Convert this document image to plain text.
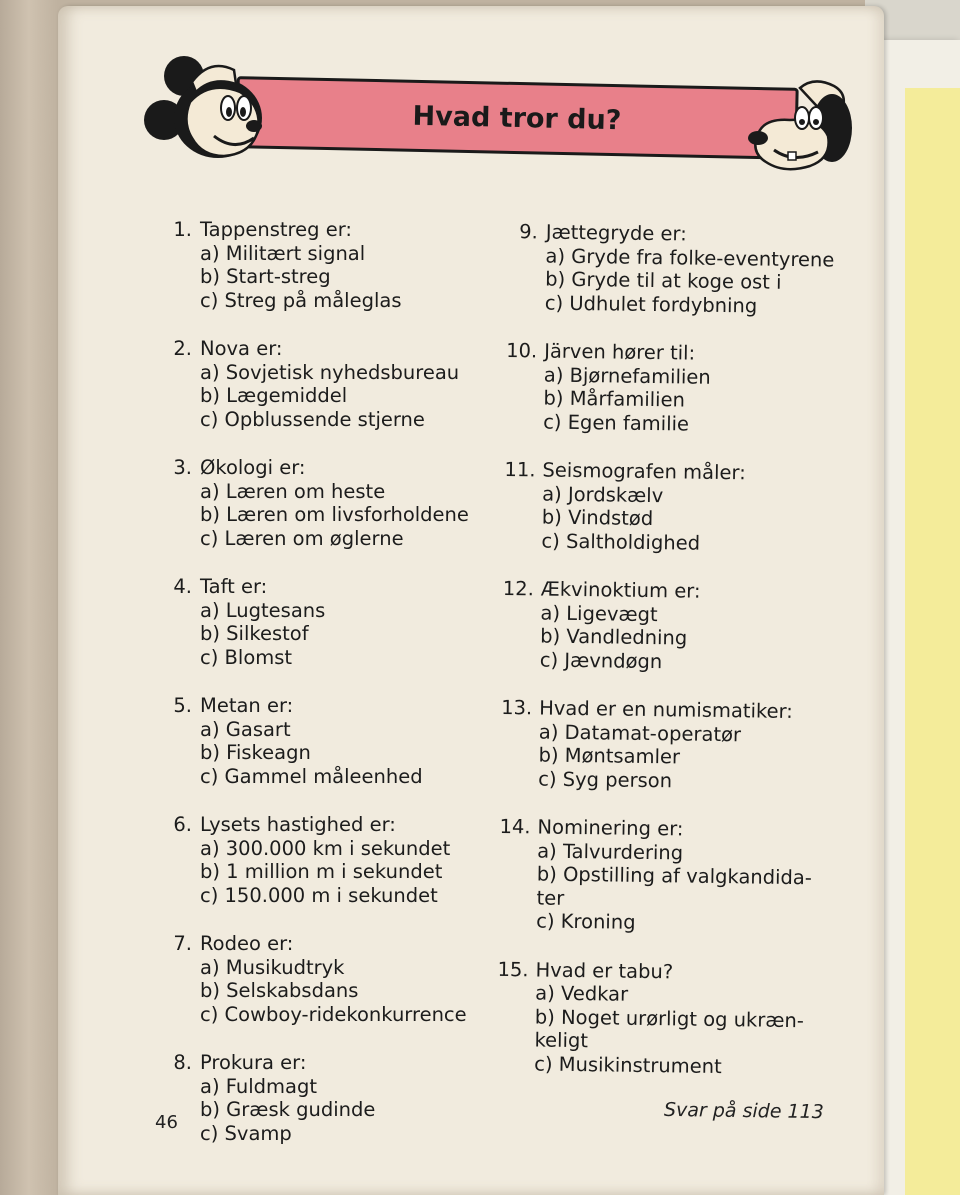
Hvad tror du?
1. Tappenstreg er:
a) Militært signal
b) Start-streg
c) Streg på måleglas
2. Nova er:
a) Sovjetisk nyhedsbureau
b) Lægemiddel
c) Opblussende stjerne
3. Økologi er:
a) Læren om heste
b) Læren om livsforholdene
c) Læren om øglerne
4. Taft er:
a) Lugtesans
b) Silkestof
c) Blomst
5. Metan er:
a) Gasart
b) Fiskeagn
c) Gammel måleenhed
6. Lysets hastighed er:
a) 300.000 km i sekundet
b) 1 million m i sekundet
c) 150.000 m i sekundet
7. Rodeo er:
a) Musikudtryk
b) Selskabsdans
c) Cowboy-ridekonkurrence
8. Prokura er:
a) Fuldmagt
b) Græsk gudinde
c) Svamp
9. Jættegryde er:
a) Gryde fra folke-eventyrene
b) Gryde til at koge ost i
c) Udhulet fordybning
10. Järven hører til:
a) Bjørnefamilien
b) Mårfamilien
c) Egen familie
11. Seismografen måler:
a) Jordskælv
b) Vindstød
c) Saltholdighed
12. Ækvinoktium er:
a) Ligevægt
b) Vandledning
c) Jævndøgn
13. Hvad er en numismatiker:
a) Datamat-operatør
b) Møntsamler
c) Syg person
14. Nominering er:
a) Talvurdering
b) Opstilling af valgkandida-
ter
c) Kroning
15. Hvad er tabu?
a) Vedkar
b) Noget urørligt og ukræn-
keligt
c) Musikinstrument
46	Svar på side 113
